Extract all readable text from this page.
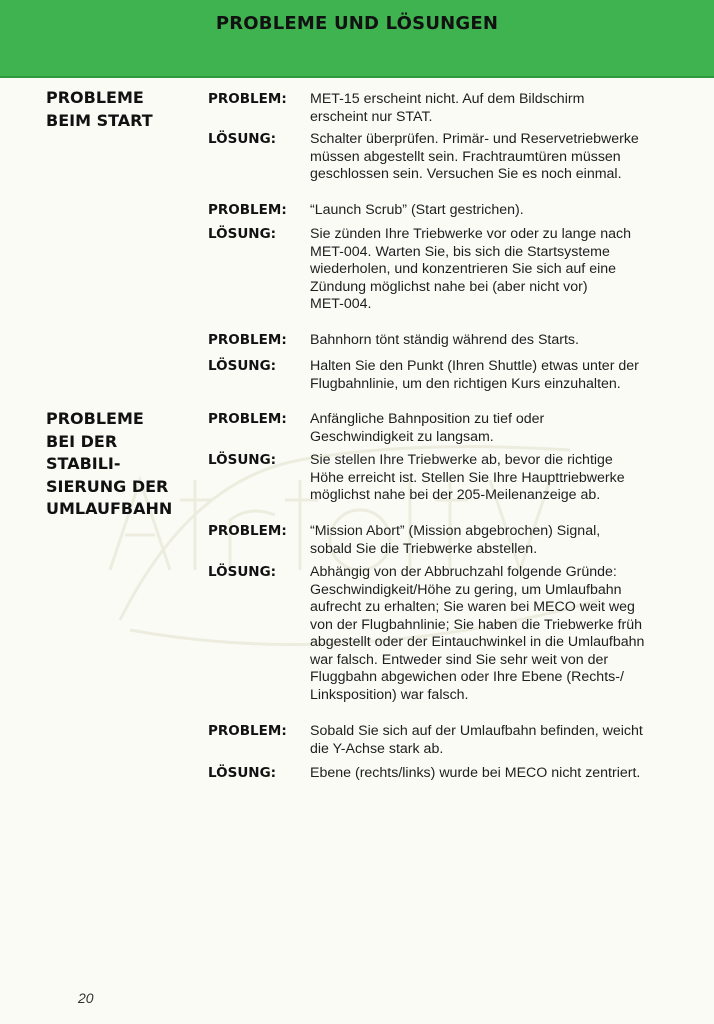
PROBLEME UND LÖSUNGEN
PROBLEME
BEIM START
PROBLEM: MET-15 erscheint nicht. Auf dem Bildschirm
erscheint nur STAT.
LÖSUNG: Schalter überprüfen. Primär- und Reservetriebwerke
müssen abgestellt sein. Frachtraumtüren müssen
geschlossen sein. Versuchen Sie es noch einmal.
PROBLEM: “Launch Scrub” (Start gestrichen).
LÖSUNG: Sie zünden Ihre Triebwerke vor oder zu lange nach
MET-004. Warten Sie, bis sich die Startsysteme
wiederholen, und konzentrieren Sie sich auf eine
Zündung möglichst nahe bei (aber nicht vor)
MET-004.
PROBLEM: Bahnhorn tönt ständig während des Starts.
LÖSUNG: Halten Sie den Punkt (Ihren Shuttle) etwas unter der
Flugbahnlinie, um den richtigen Kurs einzuhalten.
PROBLEME
BEI DER
STABILI-
SIERUNG DER
UMLAUFBAHN
PROBLEM: Anfängliche Bahnposition zu tief oder
Geschwindigkeit zu langsam.
LÖSUNG: Sie stellen Ihre Triebwerke ab, bevor die richtige
Höhe erreicht ist. Stellen Sie Ihre Haupttriebwerke
möglichst nahe bei der 205-Meilenanzeige ab.
PROBLEM: “Mission Abort” (Mission abgebrochen) Signal,
sobald Sie die Triebwerke abstellen.
LÖSUNG: Abhängig von der Abbruchzahl folgende Gründe:
Geschwindigkeit/Höhe zu gering, um Umlaufbahn
aufrecht zu erhalten; Sie waren bei MECO weit weg
von der Flugbahnlinie; Sie haben die Triebwerke früh
abgestellt oder der Eintauchwinkel in die Umlaufbahn
war falsch. Entweder sind Sie sehr weit von der
Fluggbahn abgewichen oder Ihre Ebene (Rechts-/
Linksposition) war falsch.
PROBLEM: Sobald Sie sich auf der Umlaufbahn befinden, weicht
die Y-Achse stark ab.
LÖSUNG: Ebene (rechts/links) wurde bei MECO nicht zentriert.
20
